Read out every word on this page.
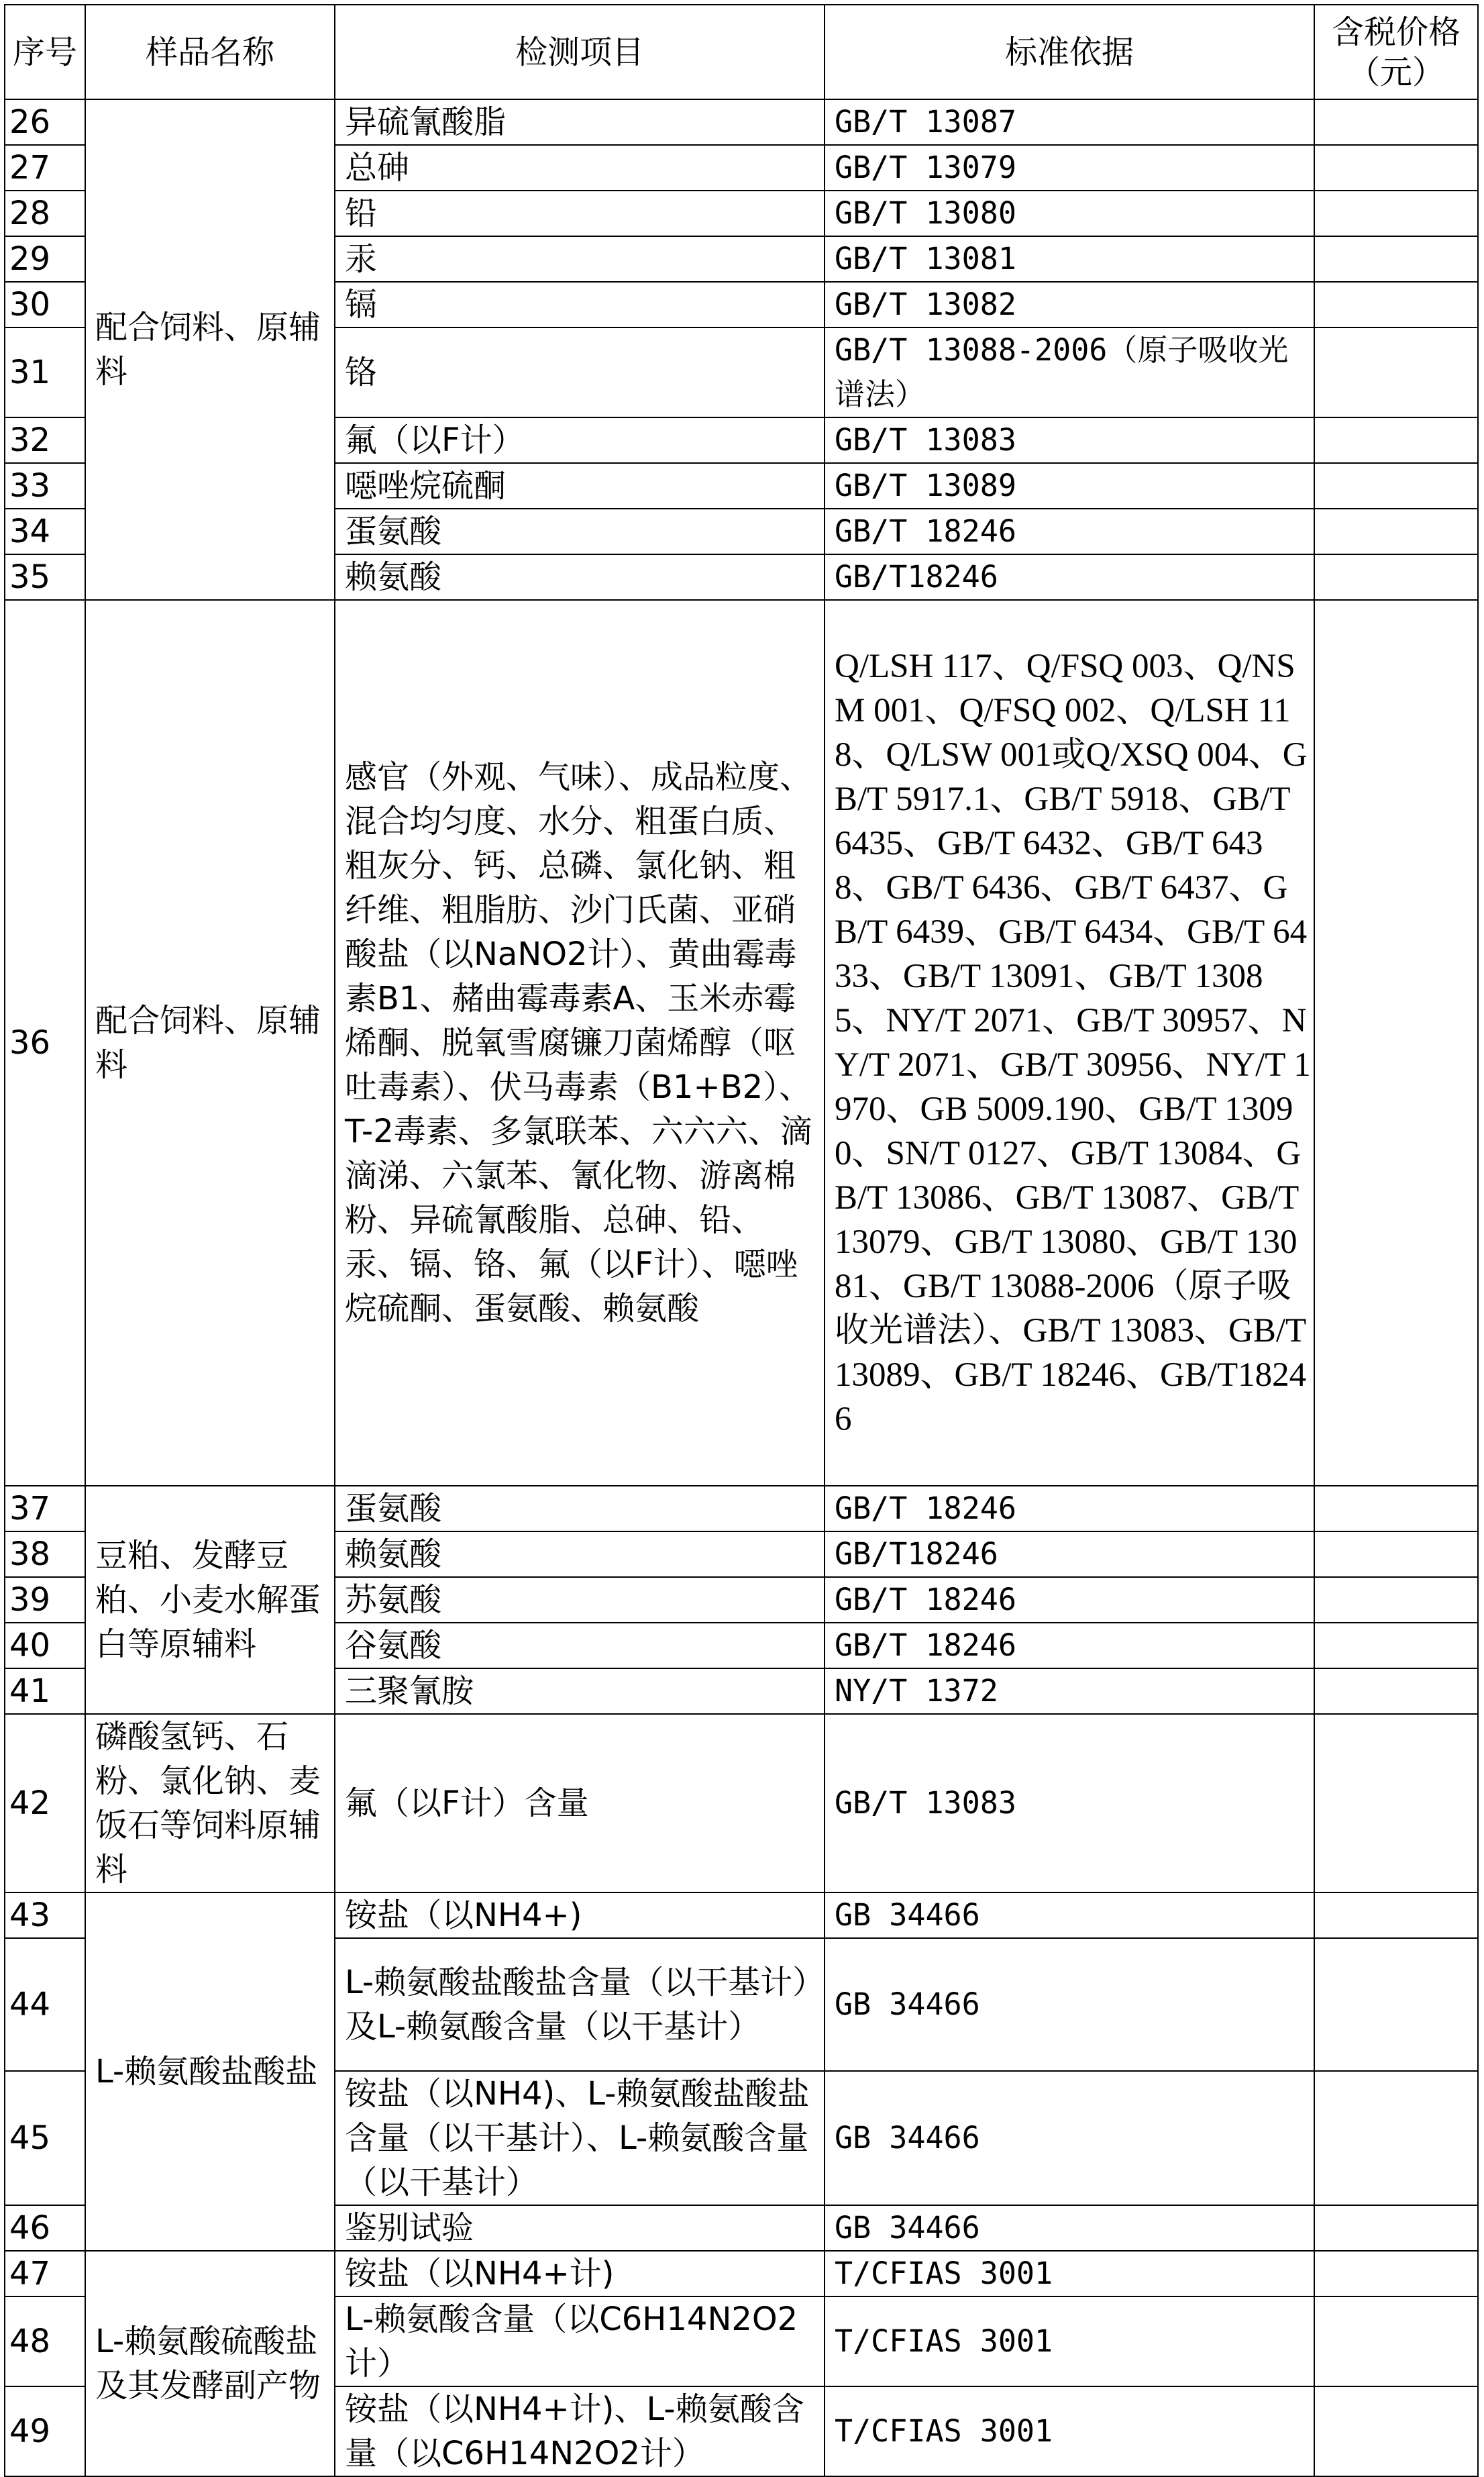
序号	样品名称	检测项目	标准依据	含税价格（元）
26	配合饲料、原辅料	异硫氰酸脂	GB/T 13087	
27		总砷	GB/T 13079	
28		铅	GB/T 13080	
29		汞	GB/T 13081	
30		镉	GB/T 13082	
31		铬	GB/T 13088-2006（原子吸收光谱法）	
32		氟（以F计）	GB/T 13083	
33		噁唑烷硫酮	GB/T 13089	
34		蛋氨酸	GB/T 18246	
35		赖氨酸	GB/T18246	
36	配合饲料、原辅料	感官（外观、气味）、成品粒度、混合均匀度、水分、粗蛋白质、粗灰分、钙、总磷、氯化钠、粗纤维、粗脂肪、沙门氏菌、亚硝酸盐（以NaNO2计）、黄曲霉毒素B1、赭曲霉毒素A、玉米赤霉烯酮、脱氧雪腐镰刀菌烯醇（呕吐毒素）、伏马毒素（B1+B2）、T-2毒素、多氯联苯、六六六、滴滴涕、六氯苯、氰化物、游离棉粉、异硫氰酸脂、总砷、铅、汞、镉、铬、氟（以F计）、噁唑烷硫酮、蛋氨酸、赖氨酸	Q/LSH 117、Q/FSQ 003、Q/NSM 001、Q/FSQ 002、Q/LSH 118、Q/LSW 001或Q/XSQ 004、GB/T 5917.1、GB/T 5918、GB/T 6435、GB/T 6432、GB/T 6438、GB/T 6436、GB/T 6437、GB/T 6439、GB/T 6434、GB/T 6433、GB/T 13091、GB/T 13085、NY/T 2071、GB/T 30957、NY/T 2071、GB/T 30956、NY/T 1970、GB 5009.190、GB/T 13090、SN/T 0127、GB/T 13084、GB/T 13086、GB/T 13087、GB/T 13079、GB/T 13080、GB/T 13081、GB/T 13088-2006（原子吸收光谱法）、GB/T 13083、GB/T 13089、GB/T 18246、GB/T18246	
37	豆粕、发酵豆粕、小麦水解蛋白等原辅料	蛋氨酸	GB/T 18246	
38		赖氨酸	GB/T18246	
39		苏氨酸	GB/T 18246	
40		谷氨酸	GB/T 18246	
41		三聚氰胺	NY/T 1372	
42	磷酸氢钙、石粉、氯化钠、麦饭石等饲料原辅料	氟（以F计）含量	GB/T 13083	
43	L-赖氨酸盐酸盐	铵盐（以NH4+)	GB 34466	
44		L-赖氨酸盐酸盐含量（以干基计）及L-赖氨酸含量（以干基计）	GB 34466	
45		铵盐（以NH4)、L-赖氨酸盐酸盐含量（以干基计）、L-赖氨酸含量（以干基计）	GB 34466	
46		鉴别试验	GB 34466	
47	L-赖氨酸硫酸盐及其发酵副产物	铵盐（以NH4+计)	T/CFIAS 3001	
48		L-赖氨酸含量（以C6H14N2O2计）	T/CFIAS 3001	
49		铵盐（以NH4+计)、L-赖氨酸含量（以C6H14N2O2计）	T/CFIAS 3001	
